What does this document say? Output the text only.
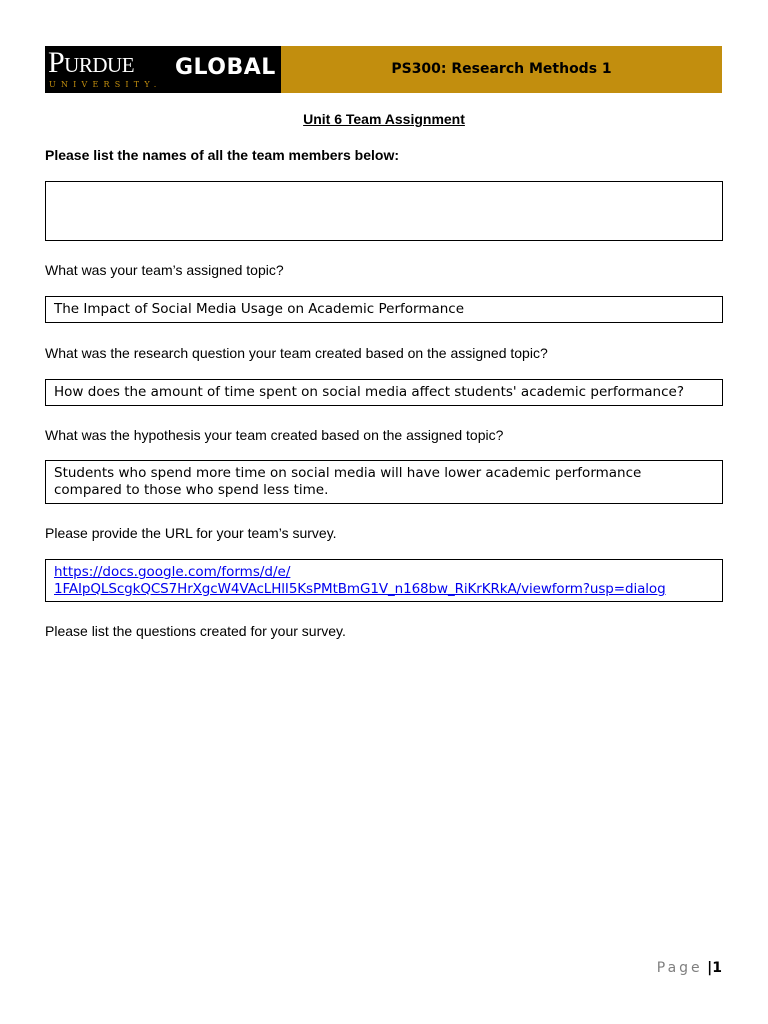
Purdue GLOBAL
UNIVERSITY.
PS300: Research Methods 1
Unit 6 Team Assignment
Please list the names of all the team members below:
What was your team’s assigned topic?
The Impact of Social Media Usage on Academic Performance
What was the research question your team created based on the assigned topic?
How does the amount of time spent on social media affect students' academic performance?
What was the hypothesis your team created based on the assigned topic?
Students who spend more time on social media will have lower academic performance
compared to those who spend less time.
Please provide the URL for your team’s survey.
https://docs.google.com/forms/d/e/
1FAIpQLScgkQCS7HrXgcW4VAcLHlI5KsPMtBmG1V_n168bw_RiKrKRkA/viewform?usp=dialog
Please list the questions created for your survey.
Page |1
